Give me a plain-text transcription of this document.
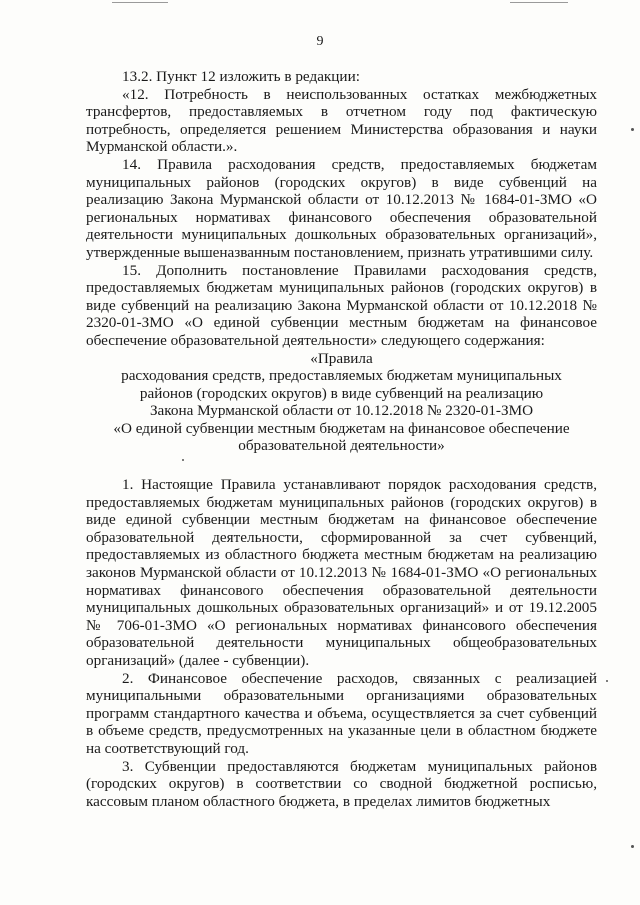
9

13.2. Пункт 12 изложить в редакции:

«12. Потребность в неиспользованных остатках межбюджетных трансфертов, предоставляемых в отчетном году под фактическую потребность, определяется решением Министерства образования и науки Мурманской области.».

14. Правила расходования средств, предоставляемых бюджетам муниципальных районов (городских округов) в виде субвенций на реализацию Закона Мурманской области от 10.12.2013 № 1684-01-ЗМО «О региональных нормативах финансового обеспечения образовательной деятельности муниципальных дошкольных образовательных организаций», утвержденные вышеназванным постановлением, признать утратившими силу.

15. Дополнить постановление Правилами расходования средств, предоставляемых бюджетам муниципальных районов (городских округов) в виде субвенций на реализацию Закона Мурманской области от 10.12.2018 № 2320-01-ЗМО «О единой субвенции местным бюджетам на финансовое обеспечение образовательной деятельности» следующего содержания:

«Правила

расходования средств, предоставляемых бюджетам муниципальных

районов (городских округов) в виде субвенций на реализацию

Закона Мурманской области от 10.12.2018 № 2320-01-ЗМО

«О единой субвенции местным бюджетам на финансовое обеспечение

образовательной деятельности»

1. Настоящие Правила устанавливают порядок расходования средств, предоставляемых бюджетам муниципальных районов (городских округов) в виде единой субвенции местным бюджетам на финансовое обеспечение образовательной деятельности, сформированной за счет субвенций, предоставляемых из областного бюджета местным бюджетам на реализацию законов Мурманской области от 10.12.2013 № 1684-01-ЗМО «О региональных нормативах финансового обеспечения образовательной деятельности муниципальных дошкольных образовательных организаций» и от 19.12.2005 № 706-01-ЗМО «О региональных нормативах финансового обеспечения образовательной деятельности муниципальных общеобразовательных организаций» (далее - субвенции).

2. Финансовое обеспечение расходов, связанных с реализацией муниципальными образовательными организациями образовательных программ стандартного качества и объема, осуществляется за счет субвенций в объеме средств, предусмотренных на указанные цели в областном бюджете на соответствующий год.

3. Субвенции предоставляются бюджетам муниципальных районов (городских округов) в соответствии со сводной бюджетной росписью, кассовым планом областного бюджета, в пределах лимитов бюджетных
